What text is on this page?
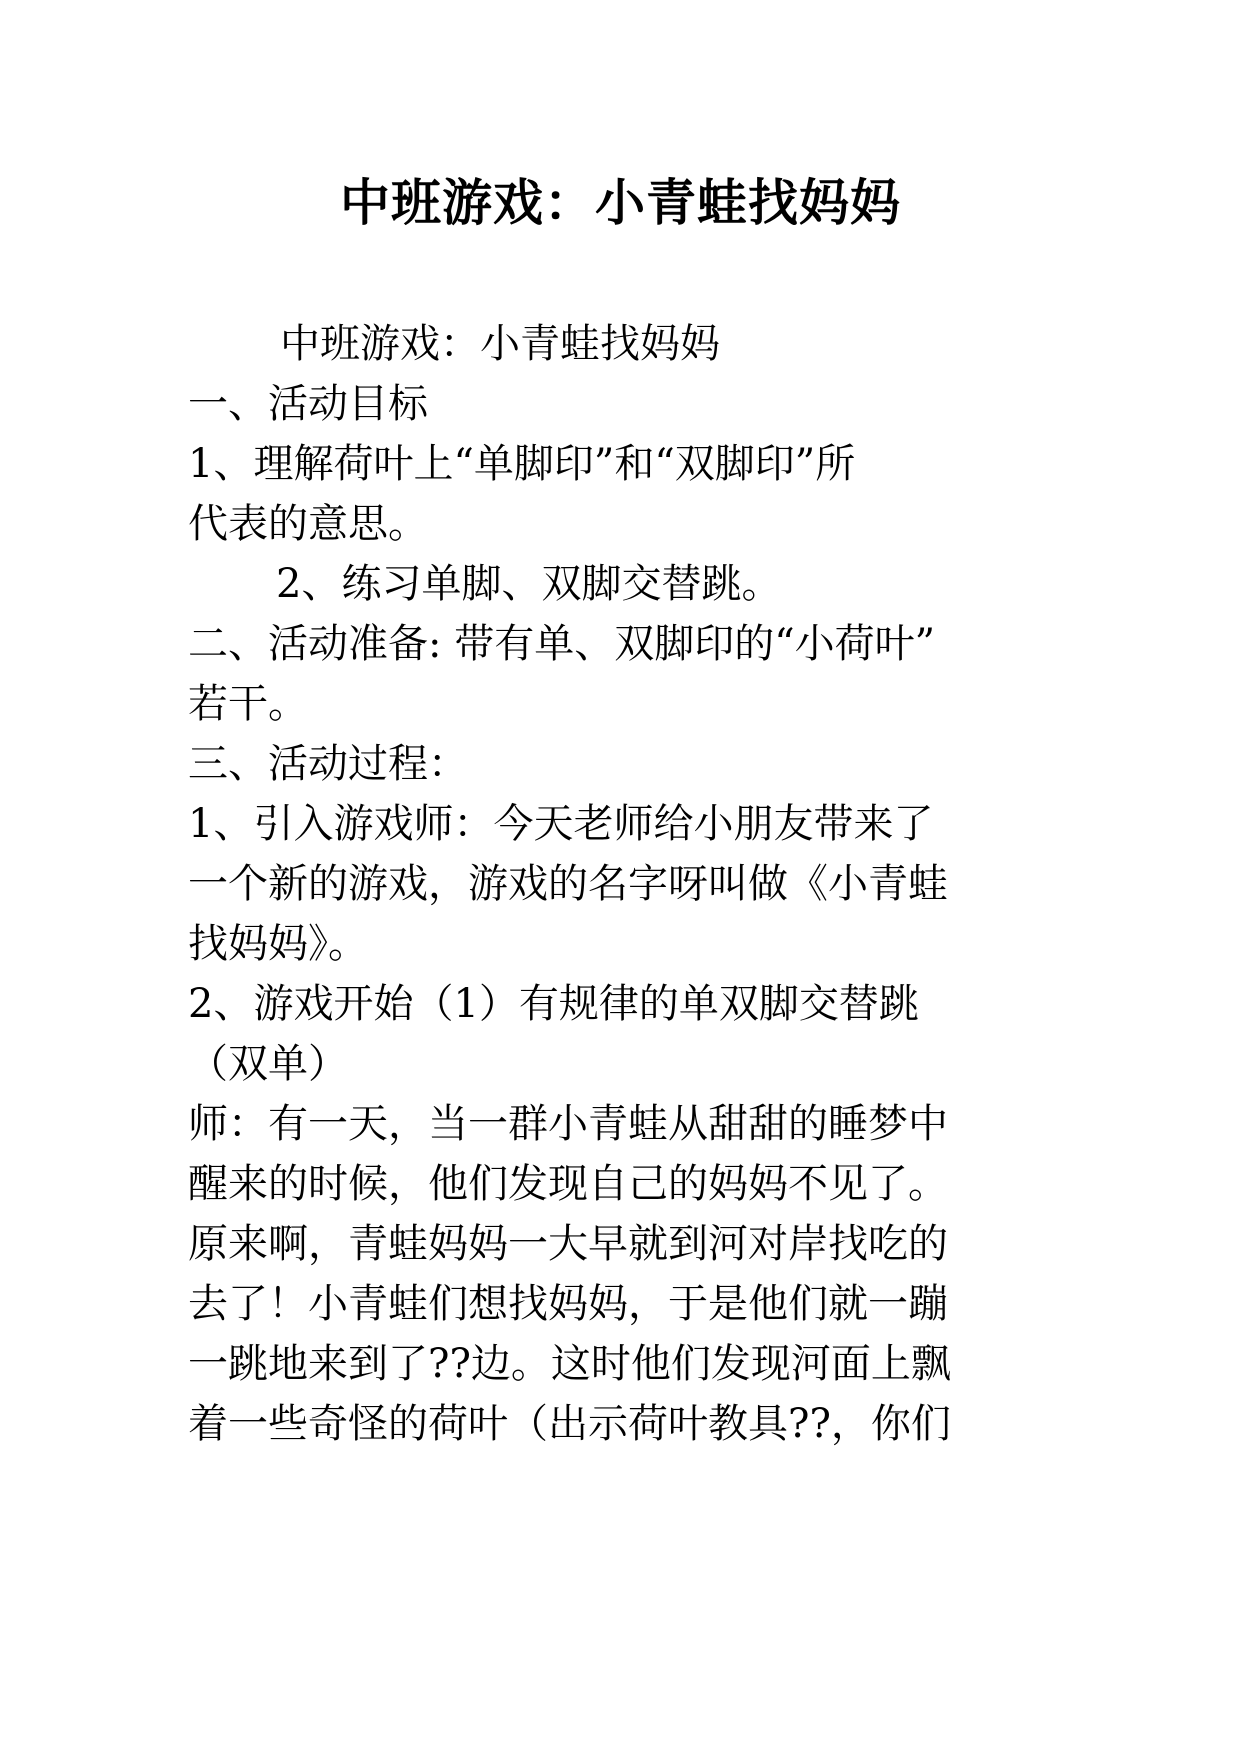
中班游戏：小青蛙找妈妈
中班游戏：小青蛙找妈妈
一、活动目标
1、理解荷叶上“单脚印”和“双脚印”所
代表的意思。
2、练习单脚、双脚交替跳。
二、活动准备: 带有单、双脚印的“小荷叶”
若干。
三、活动过程：
1、引入游戏师：今天老师给小朋友带来了
一个新的游戏，游戏的名字呀叫做《小青蛙
找妈妈》。
2、游戏开始（1）有规律的单双脚交替跳
（双单）
师：有一天，当一群小青蛙从甜甜的睡梦中
醒来的时候，他们发现自己的妈妈不见了。
原来啊，青蛙妈妈一大早就到河对岸找吃的
去了！小青蛙们想找妈妈，于是他们就一蹦
一跳地来到了??边。这时他们发现河面上飘
着一些奇怪的荷叶（出示荷叶教具??，你们
